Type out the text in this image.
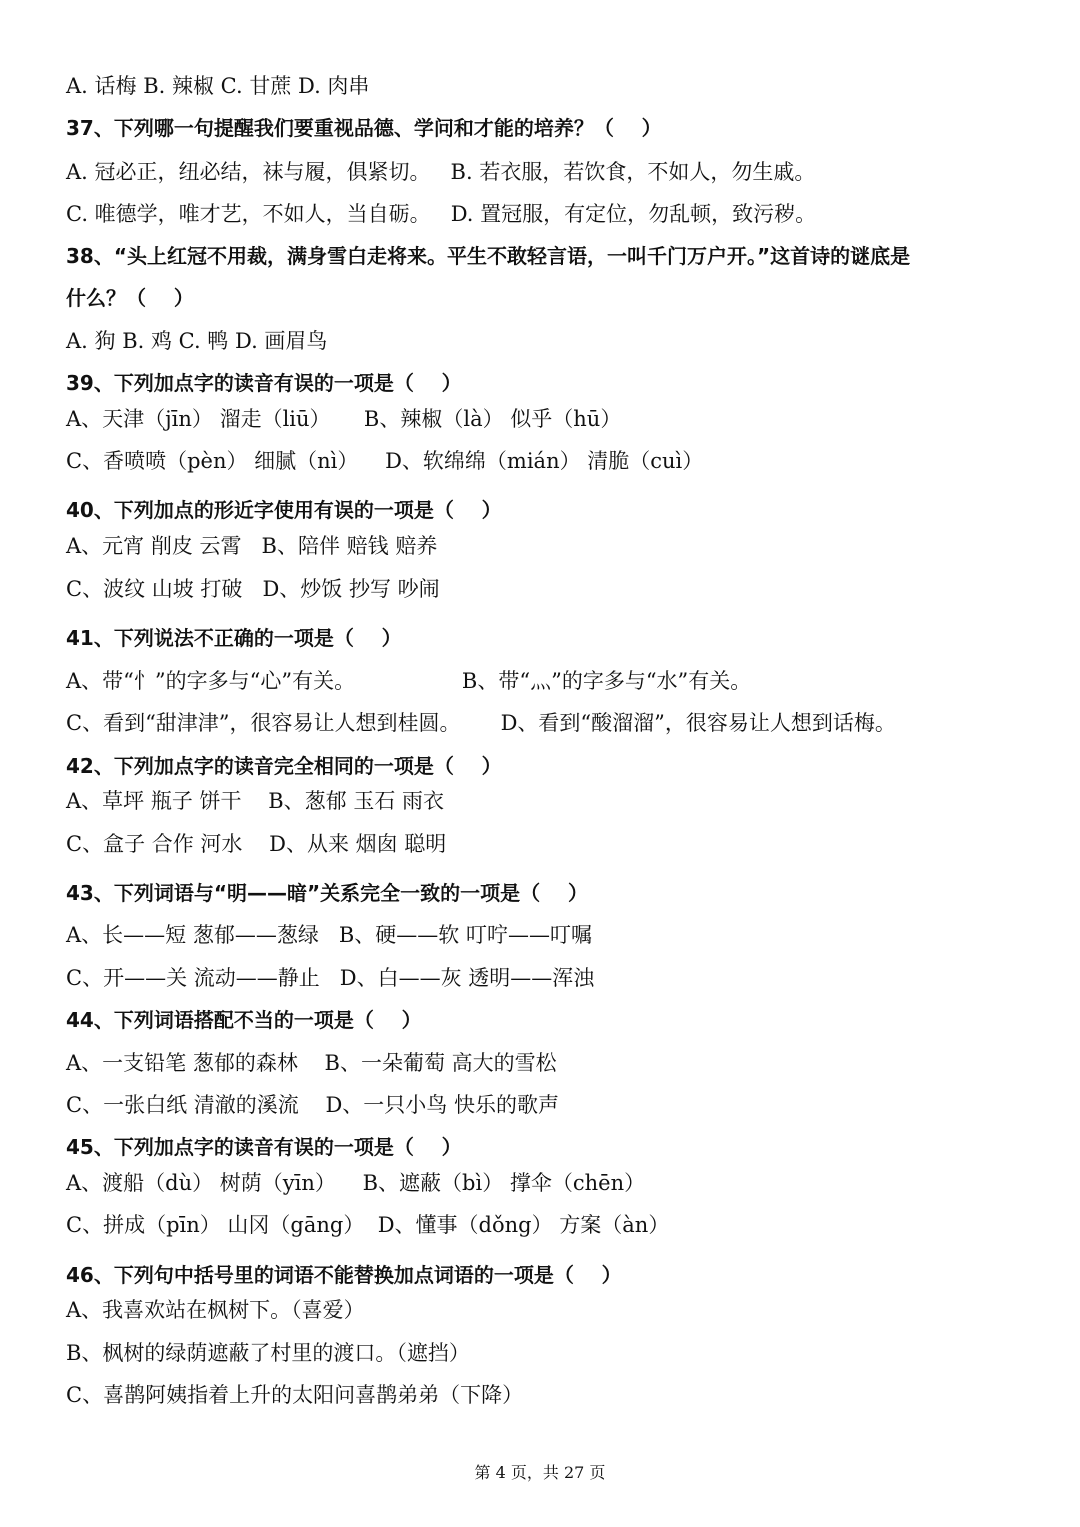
A. 话梅 B. 辣椒 C. 甘蔗 D. 肉串
37、下列哪一句提醒我们要重视品德、学问和才能的培养？（    ）
A. 冠必正，纽必结，袜与履，俱紧切。   B. 若衣服，若饮食，不如人，勿生戚。
C. 唯德学，唯才艺，不如人，当自砺。   D. 置冠服，有定位，勿乱顿，致污秽。
38、“头上红冠不用裁，满身雪白走将来。平生不敢轻言语，一叫千门万户开。”这首诗的谜底是
什么？（    ）
A. 狗 B. 鸡 C. 鸭 D. 画眉鸟
39、下列加点字的读音有误的一项是（    ）
A、天津（jīn） 溜走（liū）     B、辣椒（là） 似乎（hū）
C、香喷喷（pèn） 细腻（nì）    D、软绵绵（mián） 清脆（cuì）
40、下列加点的形近字使用有误的一项是（    ）
A、元宵 削皮 云霄   B、陪伴 赔钱 赔养
C、波纹 山坡 打破   D、炒饭 抄写 吵闹
41、下列说法不正确的一项是（    ）
A、带“忄”的字多与“心”有关。                B、带“灬”的字多与“水”有关。
C、看到“甜津津”，很容易让人想到桂圆。      D、看到“酸溜溜”，很容易让人想到话梅。
42、下列加点字的读音完全相同的一项是（    ）
A、草坪 瓶子 饼干    B、葱郁 玉石 雨衣
C、盒子 合作 河水    D、从来 烟囱 聪明
43、下列词语与“明——暗”关系完全一致的一项是（    ）
A、长——短 葱郁——葱绿   B、硬——软 叮咛——叮嘱
C、开——关 流动——静止   D、白——灰 透明——浑浊
44、下列词语搭配不当的一项是（    ）
A、一支铅笔 葱郁的森林    B、一朵葡萄 高大的雪松
C、一张白纸 清澈的溪流    D、一只小鸟 快乐的歌声
45、下列加点字的读音有误的一项是（    ）
A、渡船（dù） 树荫（yīn）    B、遮蔽（bì） 撑伞（chēn）
C、拼成（pīn） 山冈（gāng）  D、懂事（dǒng） 方案（àn）
46、下列句中括号里的词语不能替换加点词语的一项是（    ）
A、我喜欢站在枫树下。（喜爱）
B、枫树的绿荫遮蔽了村里的渡口。（遮挡）
C、喜鹊阿姨指着上升的太阳问喜鹊弟弟（下降）
第 4 页，共 27 页
